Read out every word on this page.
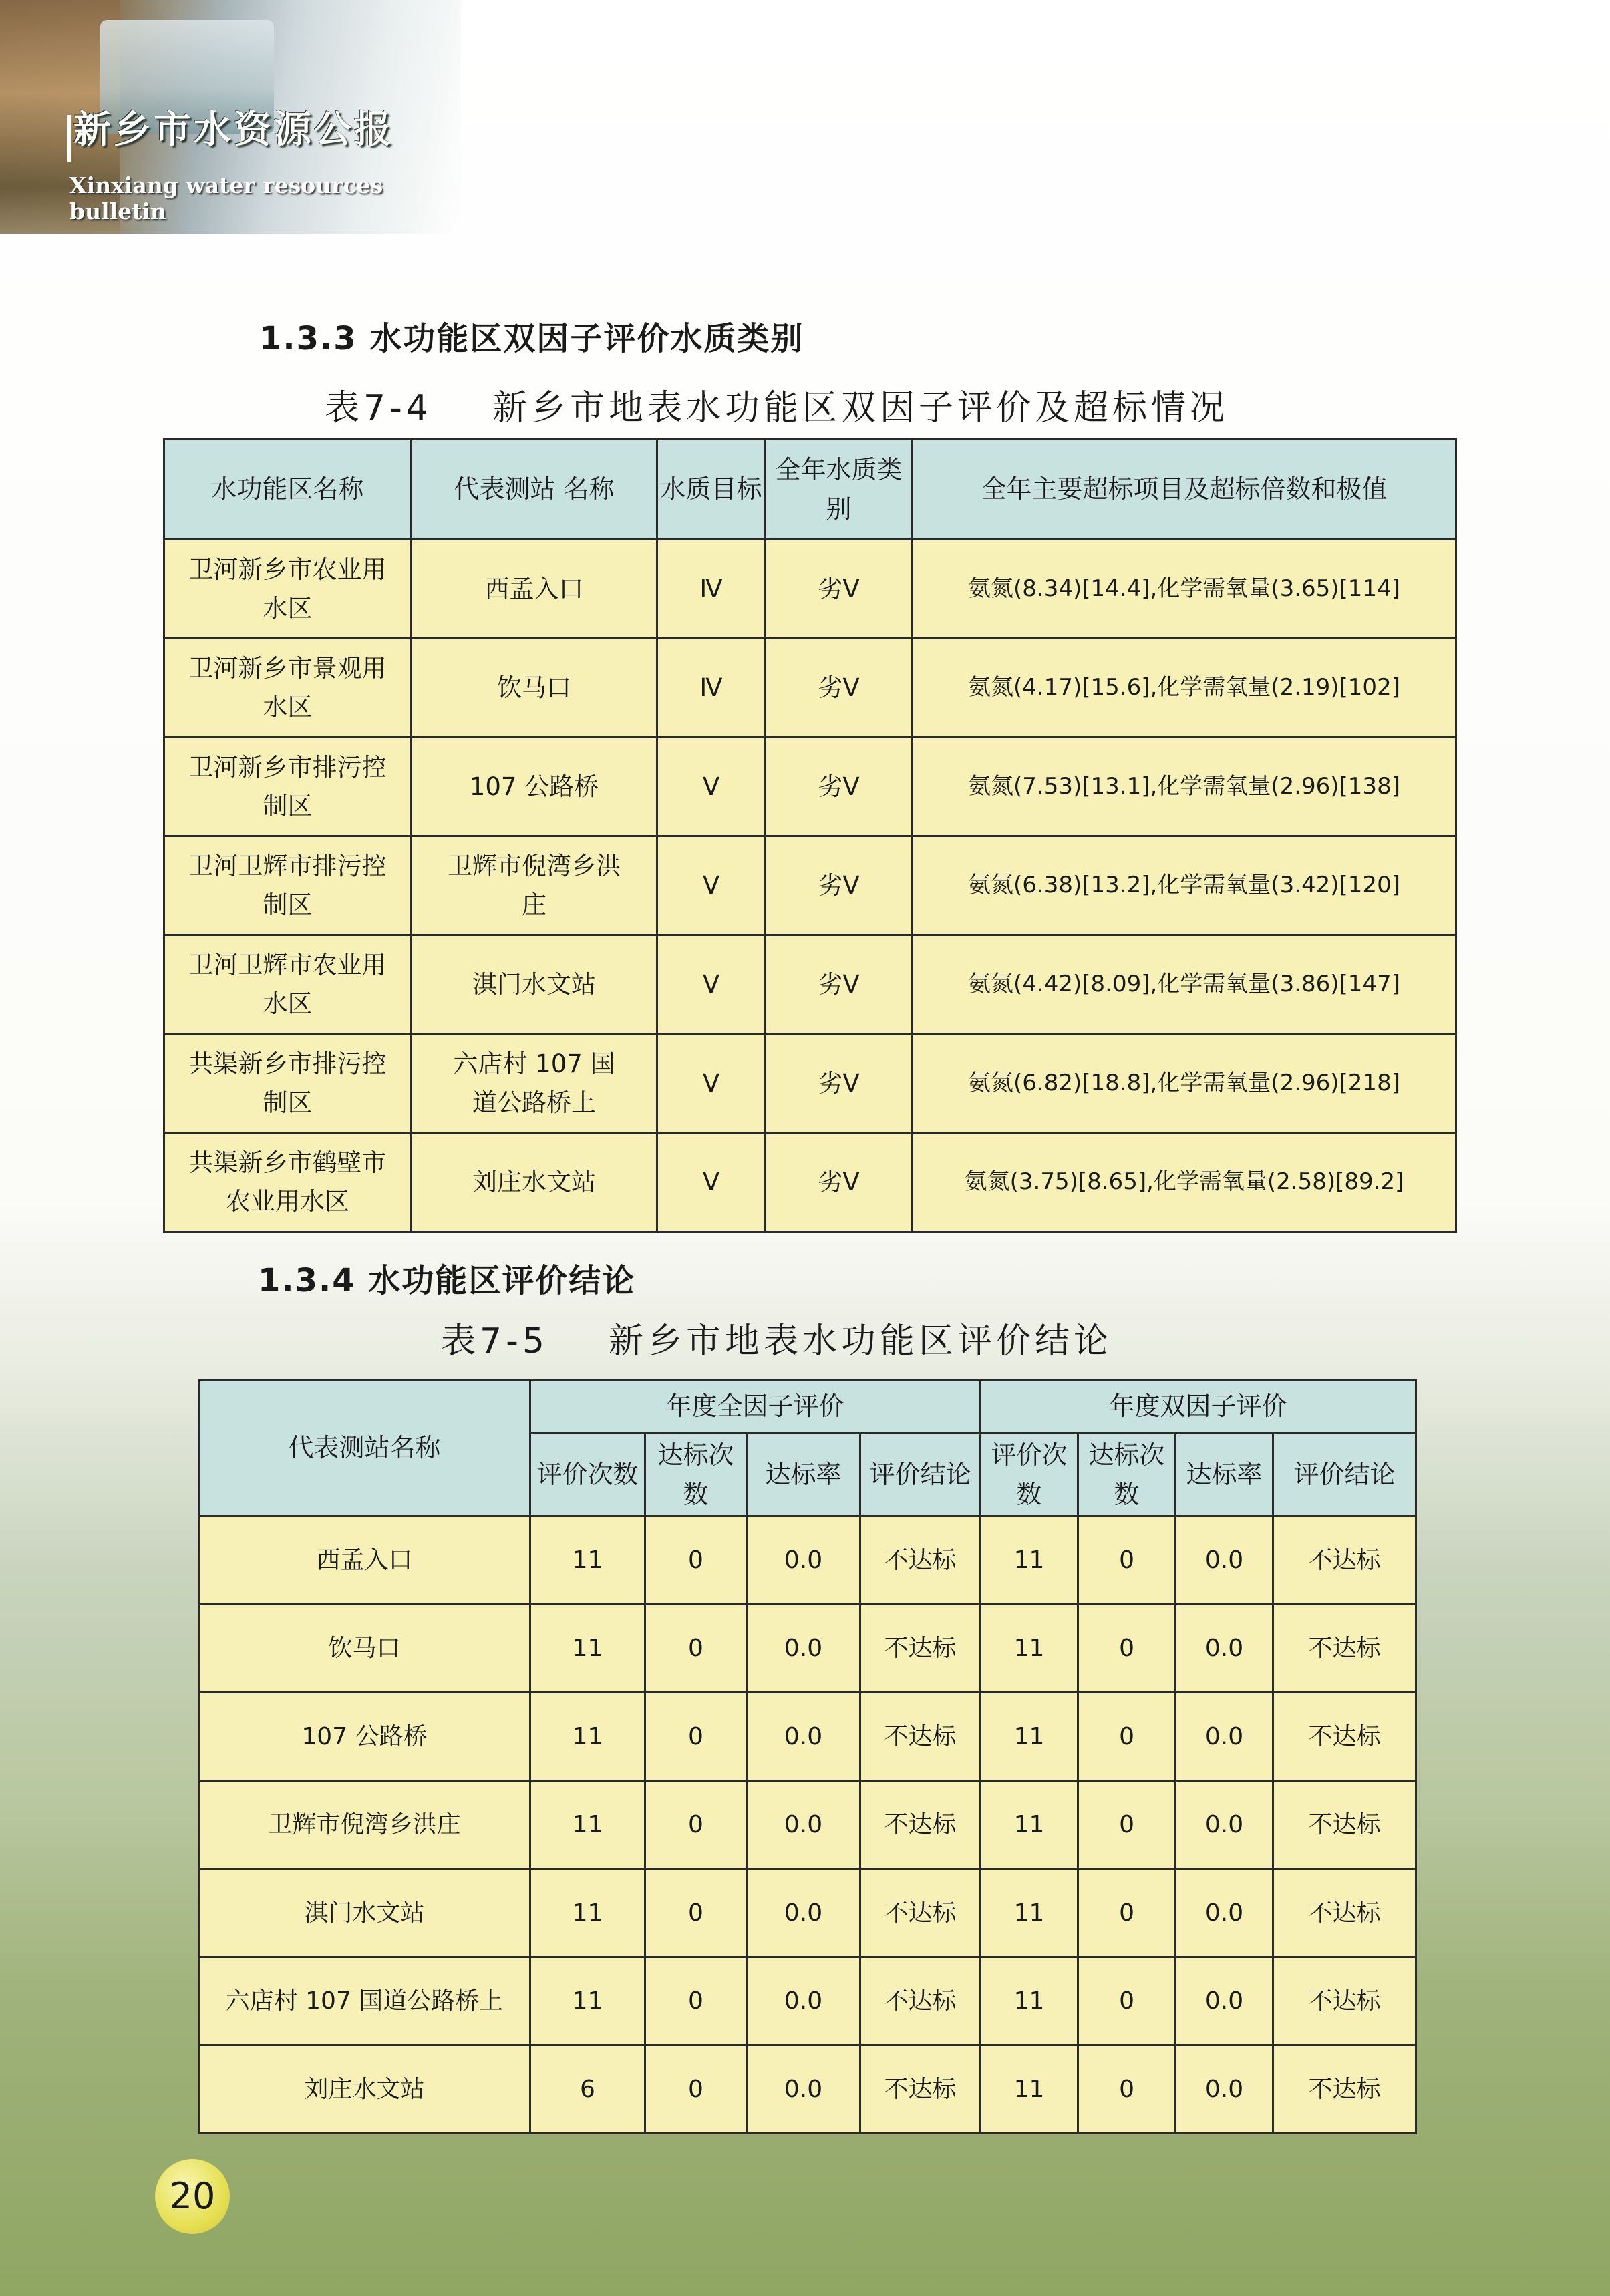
新乡市水资源公报
Xinxiang water resources bulletin
1.3.3 水功能区双因子评价水质类别
表7-4    新乡市地表水功能区双因子评价及超标情况
水功能区名称	代表测站 名称	水质目标	全年水质类别	全年主要超标项目及超标倍数和极值
卫河新乡市农业用水区	西孟入口	Ⅳ	劣Ⅴ	氨氮(8.34)[14.4],化学需氧量(3.65)[114]
卫河新乡市景观用水区	饮马口	Ⅳ	劣Ⅴ	氨氮(4.17)[15.6],化学需氧量(2.19)[102]
卫河新乡市排污控制区	107 公路桥	Ⅴ	劣Ⅴ	氨氮(7.53)[13.1],化学需氧量(2.96)[138]
卫河卫辉市排污控制区	卫辉市倪湾乡洪庄	Ⅴ	劣Ⅴ	氨氮(6.38)[13.2],化学需氧量(3.42)[120]
卫河卫辉市农业用水区	淇门水文站	Ⅴ	劣Ⅴ	氨氮(4.42)[8.09],化学需氧量(3.86)[147]
共渠新乡市排污控制区	六店村 107 国道公路桥上	Ⅴ	劣Ⅴ	氨氮(6.82)[18.8],化学需氧量(2.96)[218]
共渠新乡市鹤壁市农业用水区	刘庄水文站	Ⅴ	劣Ⅴ	氨氮(3.75)[8.65],化学需氧量(2.58)[89.2]
1.3.4 水功能区评价结论
表7-5    新乡市地表水功能区评价结论
代表测站名称	年度全因子评价				年度双因子评价			
	评价次数	达标次数	达标率	评价结论	评价次数	达标次数	达标率	评价结论
西孟入口	11	0	0.0	不达标	11	0	0.0	不达标
饮马口	11	0	0.0	不达标	11	0	0.0	不达标
107 公路桥	11	0	0.0	不达标	11	0	0.0	不达标
卫辉市倪湾乡洪庄	11	0	0.0	不达标	11	0	0.0	不达标
淇门水文站	11	0	0.0	不达标	11	0	0.0	不达标
六店村 107 国道公路桥上	11	0	0.0	不达标	11	0	0.0	不达标
刘庄水文站	6	0	0.0	不达标	11	0	0.0	不达标
20
